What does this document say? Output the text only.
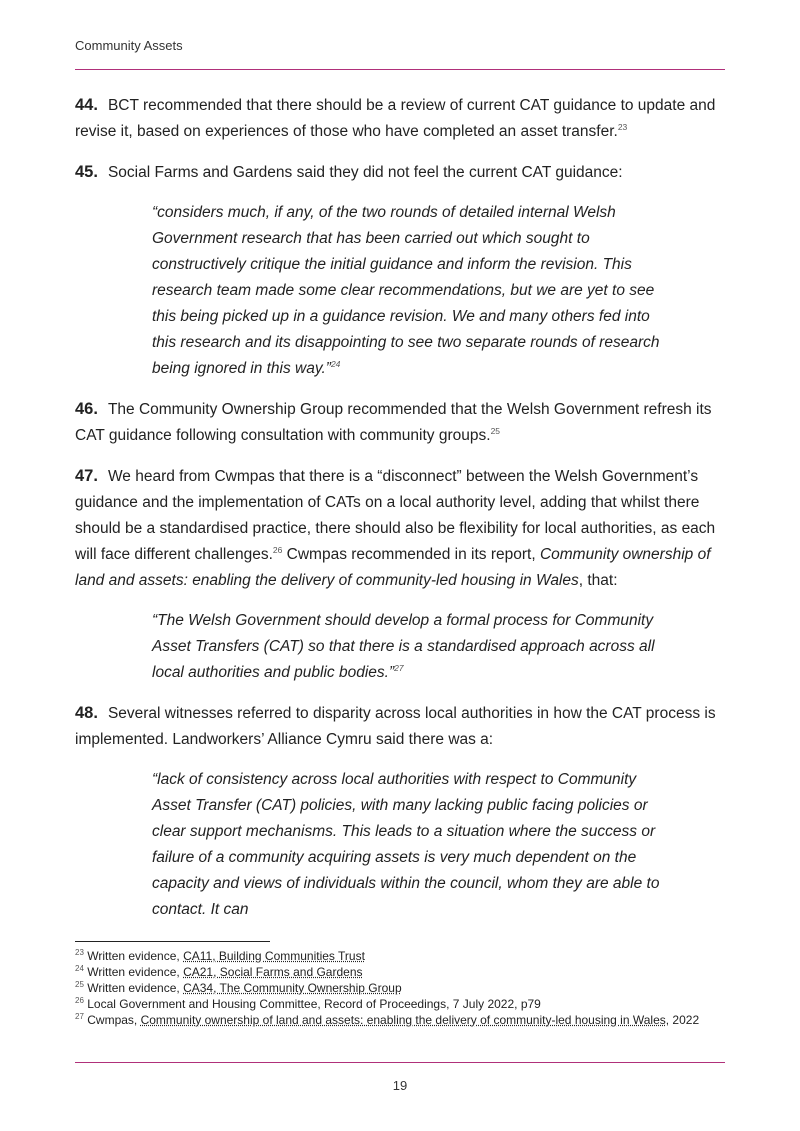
Community Assets

44. BCT recommended that there should be a review of current CAT guidance to update and revise it, based on experiences of those who have completed an asset transfer.$^{23}$

45. Social Farms and Gardens said they did not feel the current CAT guidance:

“considers much, if any, of the two rounds of detailed internal Welsh Government research that has been carried out which sought to constructively critique the initial guidance and inform the revision. This research team made some clear recommendations, but we are yet to see this being picked up in a guidance revision. We and many others fed into this research and its disappointing to see two separate rounds of research being ignored in this way.”$^{24}$

46. The Community Ownership Group recommended that the Welsh Government refresh its CAT guidance following consultation with community groups.$^{25}$

47. We heard from Cwmpas that there is a “disconnect” between the Welsh Government’s guidance and the implementation of CATs on a local authority level, adding that whilst there should be a standardised practice, there should also be flexibility for local authorities, as each will face different challenges.$^{26}$ Cwmpas recommended in its report, Community ownership of land and assets: enabling the delivery of community-led housing in Wales, that:

“The Welsh Government should develop a formal process for Community Asset Transfers (CAT) so that there is a standardised approach across all local authorities and public bodies.”$^{27}$

48. Several witnesses referred to disparity across local authorities in how the CAT process is implemented. Landworkers’ Alliance Cymru said there was a:

“lack of consistency across local authorities with respect to Community Asset Transfer (CAT) policies, with many lacking public facing policies or clear support mechanisms. This leads to a situation where the success or failure of a community acquiring assets is very much dependent on the capacity and views of individuals within the council, whom they are able to contact. It can

$^{23}$ Written evidence, CA11, Building Communities Trust

$^{24}$ Written evidence, CA21, Social Farms and Gardens

$^{25}$ Written evidence, CA34, The Community Ownership Group

$^{26}$ Local Government and Housing Committee, Record of Proceedings, 7 July 2022, p79

$^{27}$ Cwmpas, Community ownership of land and assets: enabling the delivery of community-led housing in Wales, 2022

19
